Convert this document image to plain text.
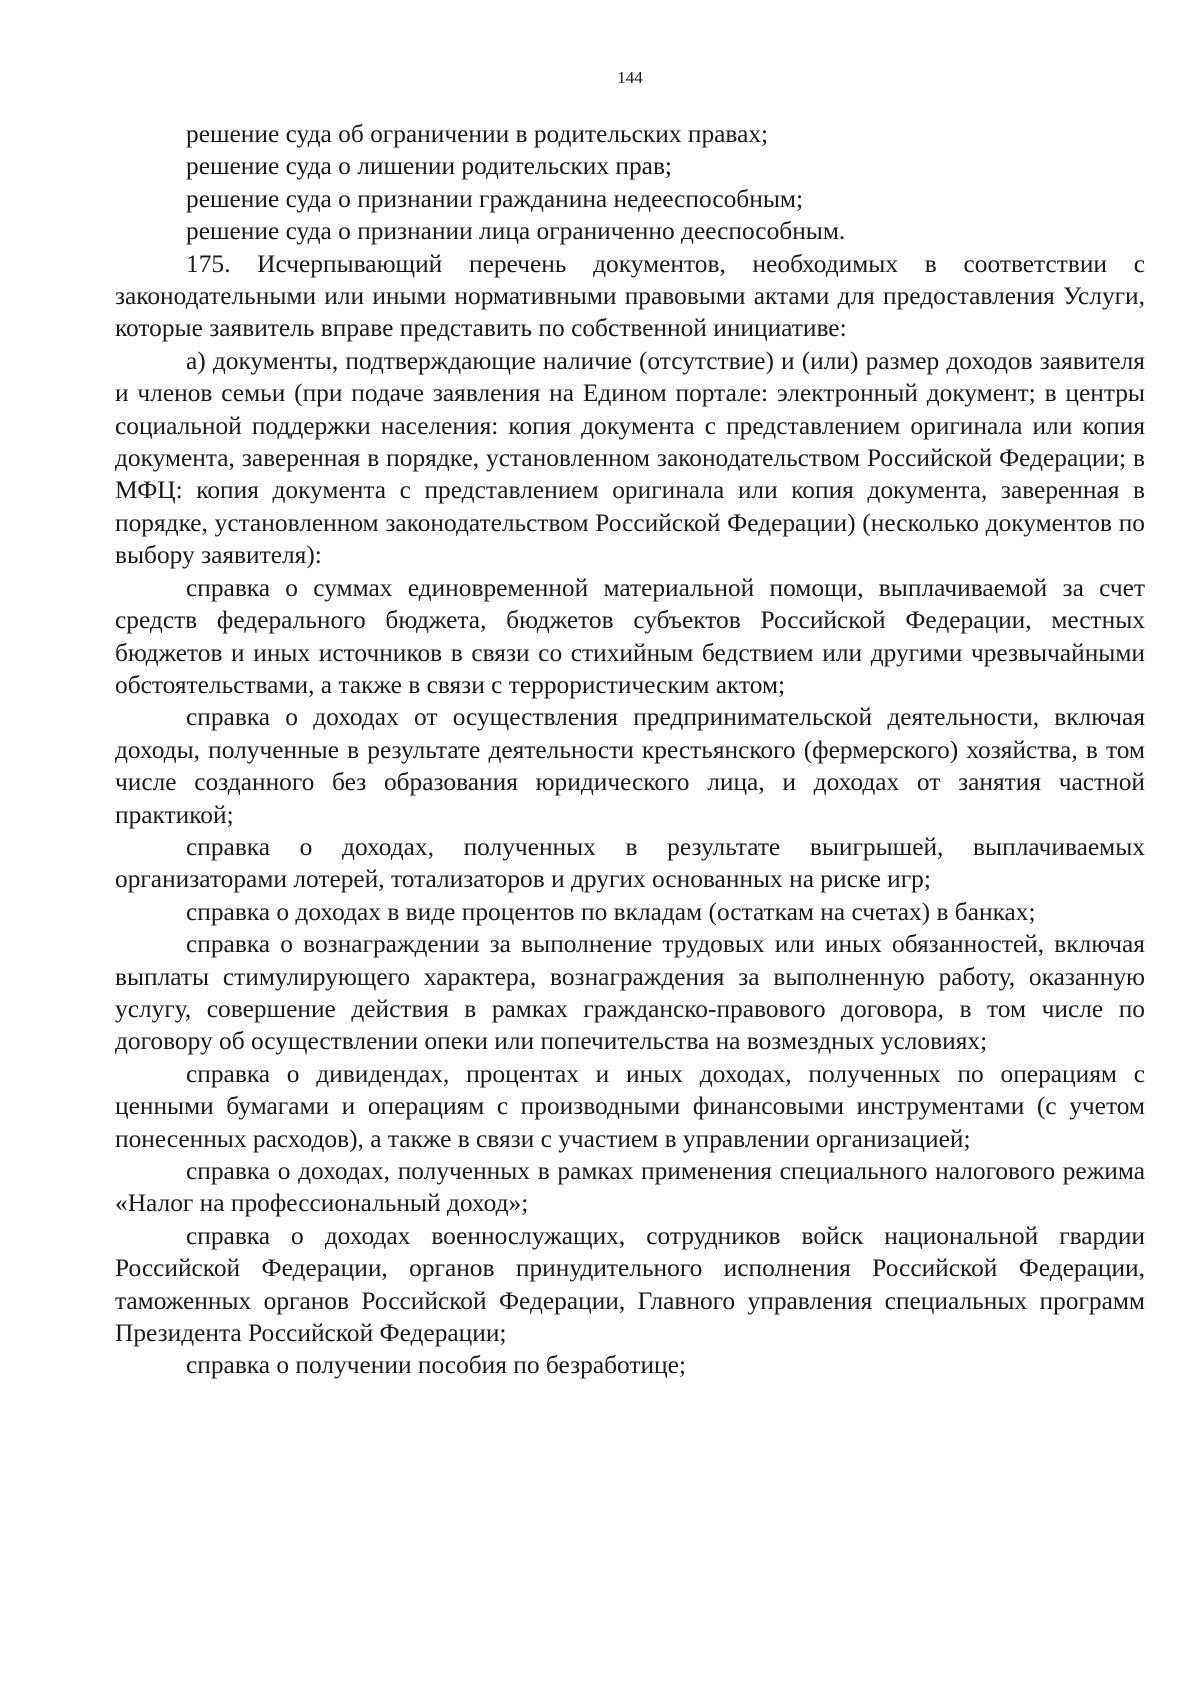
144

решение суда об ограничении в родительских правах;

решение суда о лишении родительских прав;

решение суда о признании гражданина недееспособным;

решение суда о признании лица ограниченно дееспособным.

175. Исчерпывающий перечень документов, необходимых в соответствии с законодательными или иными нормативными правовыми актами для предоставления Услуги, которые заявитель вправе представить по собственной инициативе:

а) документы, подтверждающие наличие (отсутствие) и (или) размер доходов заявителя и членов семьи (при подаче заявления на Едином портале: электронный документ; в центры социальной поддержки населения: копия документа с представлением оригинала или копия документа, заверенная в порядке, установленном законодательством Российской Федерации; в МФЦ: копия документа с представлением оригинала или копия документа, заверенная в порядке, установленном законодательством Российской Федерации) (несколько документов по выбору заявителя):

справка о суммах единовременной материальной помощи, выплачиваемой за счет средств федерального бюджета, бюджетов субъектов Российской Федерации, местных бюджетов и иных источников в связи со стихийным бедствием или другими чрезвычайными обстоятельствами, а также в связи с террористическим актом;

справка о доходах от осуществления предпринимательской деятельности, включая доходы, полученные в результате деятельности крестьянского (фермерского) хозяйства, в том числе созданного без образования юридического лица, и доходах от занятия частной практикой;

справка о доходах, полученных в результате выигрышей, выплачиваемых организаторами лотерей, тотализаторов и других основанных на риске игр;

справка о доходах в виде процентов по вкладам (остаткам на счетах) в банках;

справка о вознаграждении за выполнение трудовых или иных обязанностей, включая выплаты стимулирующего характера, вознаграждения за выполненную работу, оказанную услугу, совершение действия в рамках гражданско-правового договора, в том числе по договору об осуществлении опеки или попечительства на возмездных условиях;

справка о дивидендах, процентах и иных доходах, полученных по операциям с ценными бумагами и операциям с производными финансовыми инструментами (с учетом понесенных расходов), а также в связи с участием в управлении организацией;

справка о доходах, полученных в рамках применения специального налогового режима «Налог на профессиональный доход»;

справка о доходах военнослужащих, сотрудников войск национальной гвардии Российской Федерации, органов принудительного исполнения Российской Федерации, таможенных органов Российской Федерации, Главного управления специальных программ Президента Российской Федерации;

справка о получении пособия по безработице;
